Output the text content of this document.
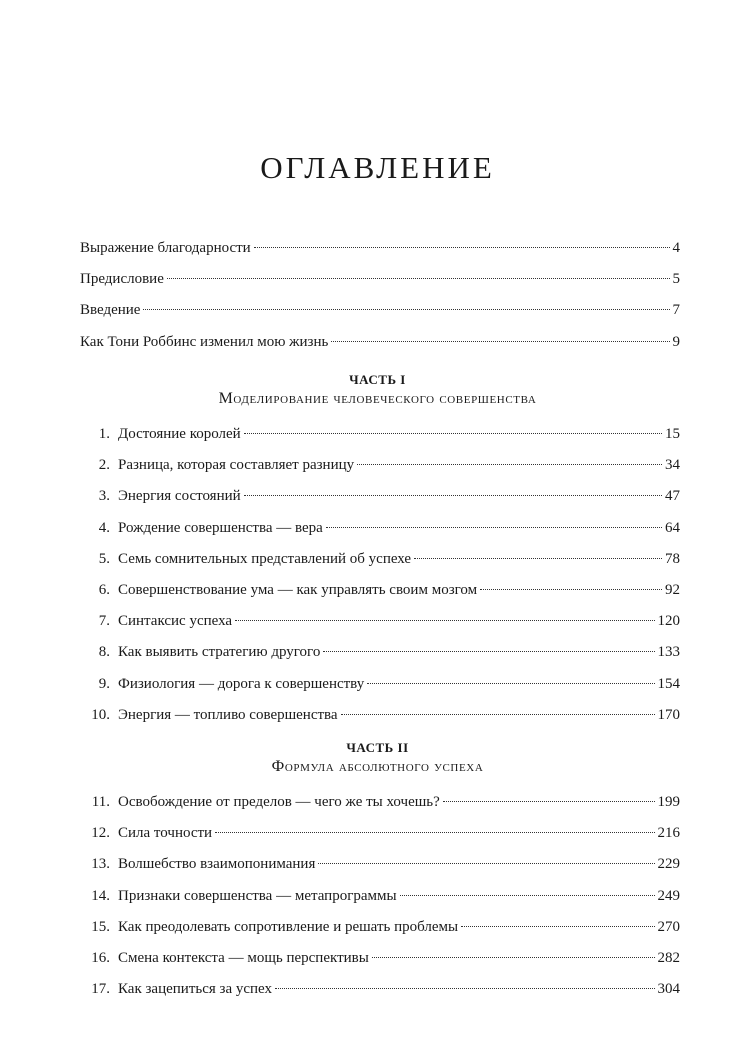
ОГЛАВЛЕНИЕ
Выражение благодарности	4
Предисловие	5
Введение	7
Как Тони Роббинс изменил мою жизнь	9
1. Достояние королей	15
2. Разница, которая составляет разницу	34
3. Энергия состояний	47
4. Рождение совершенства — вера	64
5. Семь сомнительных представлений об успехе	78
6. Совершенствование ума — как управлять своим мозгом	92
7. Синтаксис успеха	120
8. Как выявить стратегию другого	133
9. Физиология — дорога к совершенству	154
10. Энергия — топливо совершенства	170
11. Освобождение от пределов — чего же ты хочешь?	199
12. Сила точности	216
13. Волшебство взаимопонимания	229
14. Признаки совершенства — метапрограммы	249
15. Как преодолевать сопротивление и решать проблемы	270
16. Смена контекста — мощь перспективы	282
17. Как зацепиться за успех	304
ЧАСТЬ I
Моделирование человеческого совершенства
ЧАСТЬ II
Формула абсолютного успеха
